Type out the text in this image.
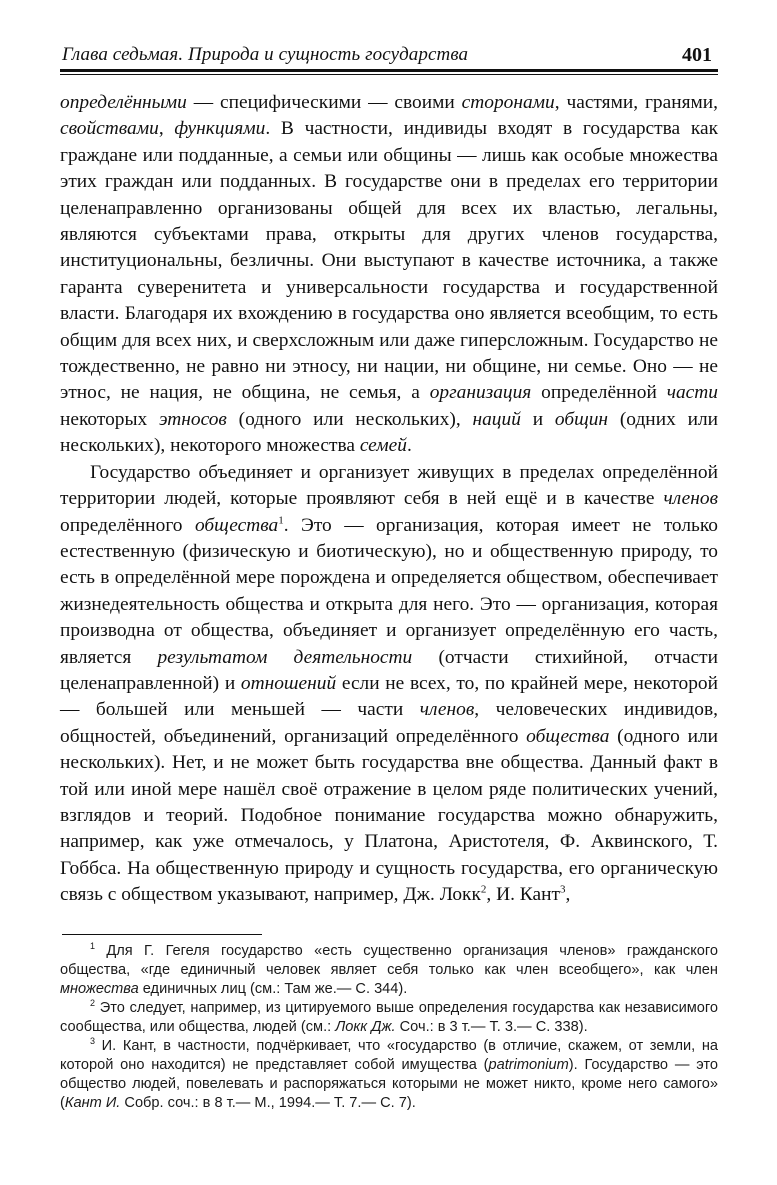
Глава седьмая. Природа и сущность государства	401

определёнными — специфическими — своими сторонами, частями, гранями, свойствами, функциями. В частности, индивиды входят в государства как граждане или подданные, а семьи или общины — лишь как особые множества этих граждан или подданных. В государстве они в пределах его территории целенаправленно организованы общей для всех их властью, легальны, являются субъектами права, открыты для других членов государства, институциональны, безличны. Они выступают в качестве источника, а также гаранта суверенитета и универсальности государства и государственной власти. Благодаря их вхождению в государства оно является всеобщим, то есть общим для всех них, и сверхсложным или даже гиперсложным. Государство не тождественно, не равно ни этносу, ни нации, ни общине, ни семье. Оно — не этнос, не нация, не община, не семья, а организация определённой части некоторых этносов (одного или нескольких), наций и общин (одних или нескольких), некоторого множества семей.

Государство объединяет и организует живущих в пределах определённой территории людей, которые проявляют себя в ней ещё и в качестве членов определённого общества$^1$. Это — организация, которая имеет не только естественную (физическую и биотическую), но и общественную природу, то есть в определённой мере порождена и определяется обществом, обеспечивает жизнедеятельность общества и открыта для него. Это — организация, которая производна от общества, объединяет и организует определённую его часть, является результатом деятельности (отчасти стихийной, отчасти целенаправленной) и отношений если не всех, то, по крайней мере, некоторой — большей или меньшей — части членов, человеческих индивидов, общностей, объединений, организаций определённого общества (одного или нескольких). Нет, и не может быть государства вне общества. Данный факт в той или иной мере нашёл своё отражение в целом ряде политических учений, взглядов и теорий. Подобное понимание государства можно обнаружить, например, как уже отмечалось, у Платона, Аристотеля, Ф. Аквинского, Т. Гоббса. На общественную природу и сущность государства, его органическую связь с обществом указывают, например, Дж. Локк$^2$, И. Кант$^3$,

$^1$ Для Г. Гегеля государство «есть существенно организация членов» гражданского общества, «где единичный человек являет себя только как член всеобщего», как член множества единичных лиц (см.: Там же.— С. 344).

$^2$ Это следует, например, из цитируемого выше определения государства как независимого сообщества, или общества, людей (см.: Локк Дж. Соч.: в 3 т.— Т. 3.— С. 338).

$^3$ И. Кант, в частности, подчёркивает, что «государство (в отличие, скажем, от земли, на которой оно находится) не представляет собой имущества (patrimonium). Государство — это общество людей, повелевать и распоряжаться которыми не может никто, кроме него самого» (Кант И. Собр. соч.: в 8 т.— М., 1994.— Т. 7.— С. 7).
